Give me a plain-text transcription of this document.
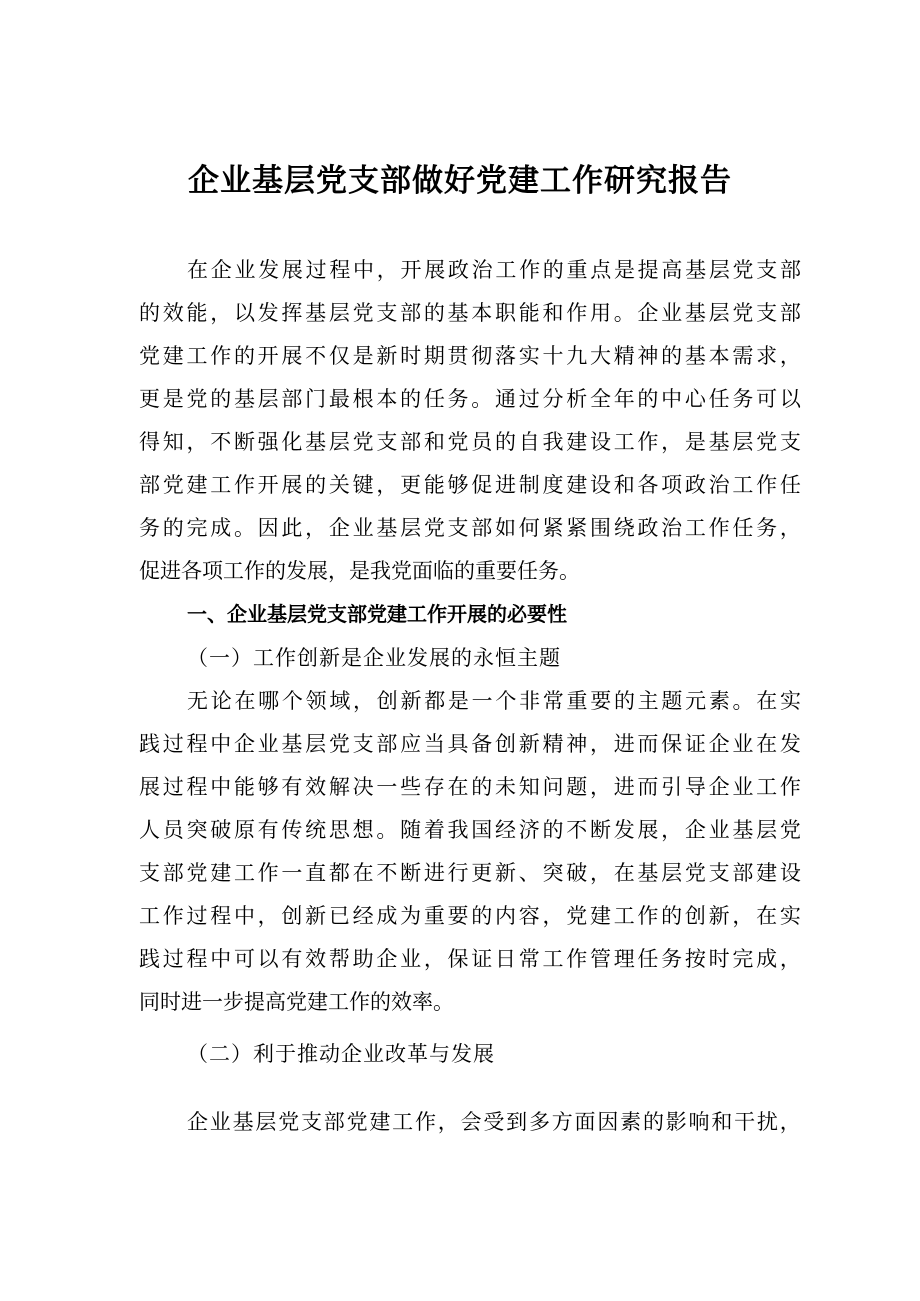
企业基层党支部做好党建工作研究报告
在 企 业 发 展 过 程 中 ， 开 展 政 治 工 作 的 重 点 是 提 高 基 层 党 支 部
的 效 能 ， 以 发 挥 基 层 党 支 部 的 基 本 职 能 和 作 用 。 企 业 基 层 党 支 部
党 建 工 作 的 开 展 不 仅 是 新 时 期 贯 彻 落 实 十 九 大 精 神 的 基 本 需 求 ，
更 是 党 的 基 层 部 门 最 根 本 的 任 务 。 通 过 分 析 全 年 的 中 心 任 务 可 以
得 知 ， 不 断 强 化 基 层 党 支 部 和 党 员 的 自 我 建 设 工 作 ， 是 基 层 党 支
部 党 建 工 作 开 展 的 关 键 ， 更 能 够 促 进 制 度 建 设 和 各 项 政 治 工 作 任
务 的 完 成 。 因 此 ， 企 业 基 层 党 支 部 如 何 紧 紧 围 绕 政 治 工 作 任 务 ，
促进各项工作的发展，是我党面临的重要任务。
一、企业基层党支部党建工作开展的必要性
（一）工作创新是企业发展的永恒主题
无 论 在 哪 个 领 域 ， 创 新 都 是 一 个 非 常 重 要 的 主 题 元 素 。 在 实
践 过 程 中 企 业 基 层 党 支 部 应 当 具 备 创 新 精 神 ， 进 而 保 证 企 业 在 发
展 过 程 中 能 够 有 效 解 决 一 些 存 在 的 未 知 问 题 ， 进 而 引 导 企 业 工 作
人 员 突 破 原 有 传 统 思 想 。 随 着 我 国 经 济 的 不 断 发 展 ， 企 业 基 层 党
支 部 党 建 工 作 一 直 都 在 不 断 进 行 更 新 、 突 破 ， 在 基 层 党 支 部 建 设
工 作 过 程 中 ， 创 新 已 经 成 为 重 要 的 内 容 ， 党 建 工 作 的 创 新 ， 在 实
践 过 程 中 可 以 有 效 帮 助 企 业 ， 保 证 日 常 工 作 管 理 任 务 按 时 完 成 ，
同时进一步提高党建工作的效率。
（二）利于推动企业改革与发展
企 业 基 层 党 支 部 党 建 工 作 ， 会 受 到 多 方 面 因 素 的 影 响 和 干 扰 ，
